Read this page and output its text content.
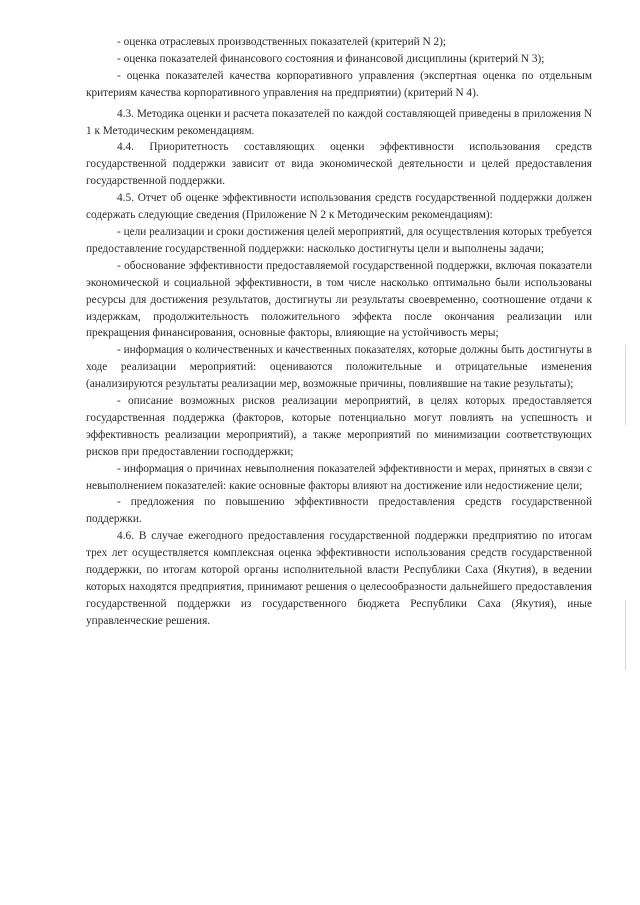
- оценка отраслевых производственных показателей (критерий N 2);

- оценка показателей финансового состояния и финансовой дисциплины (критерий N 3);

- оценка показателей качества корпоративного управления (экспертная оценка по отдельным критериям качества корпоративного управления на предприятии) (критерий N 4).

4.3. Методика оценки и расчета показателей по каждой составляющей приведены в приложения N 1 к Методическим рекомендациям.

4.4. Приоритетность составляющих оценки эффективности использования средств государственной поддержки зависит от вида экономической деятельности и целей предоставления государственной поддержки.

4.5. Отчет об оценке эффективности использования средств государственной поддержки должен содержать следующие сведения (Приложение N 2 к Методическим рекомендациям):

- цели реализации и сроки достижения целей мероприятий, для осуществления которых требуется предоставление государственной поддержки: насколько достигнуты цели и выполнены задачи;

- обоснование эффективности предоставляемой государственной поддержки, включая показатели экономической и социальной эффективности, в том числе насколько оптимально были использованы ресурсы для достижения результатов, достигнуты ли результаты своевременно, соотношение отдачи к издержкам, продолжительность положительного эффекта после окончания реализации или прекращения финансирования, основные факторы, влияющие на устойчивость меры;

- информация о количественных и качественных показателях, которые должны быть достигнуты в ходе реализации мероприятий: оцениваются положительные и отрицательные изменения (анализируются результаты реализации мер, возможные причины, повлиявшие на такие результаты);

- описание возможных рисков реализации мероприятий, в целях которых предоставляется государственная поддержка (факторов, которые потенциально могут повлиять на успешность и эффективность реализации мероприятий), а также мероприятий по минимизации соответствующих рисков при предоставлении господдержки;

- информация о причинах невыполнения показателей эффективности и мерах, принятых в связи с невыполнением показателей: какие основные факторы влияют на достижение или недостижение цели;

- предложения по повышению эффективности предоставления средств государственной поддержки.

4.6. В случае ежегодного предоставления государственной поддержки предприятию по итогам трех лет осуществляется комплексная оценка эффективности использования средств государственной поддержки, по итогам которой органы исполнительной власти Республики Саха (Якутия), в ведении которых находятся предприятия, принимают решения о целесообразности дальнейшего предоставления государственной поддержки из государственного бюджета Республики Саха (Якутия), иные управленческие решения.
